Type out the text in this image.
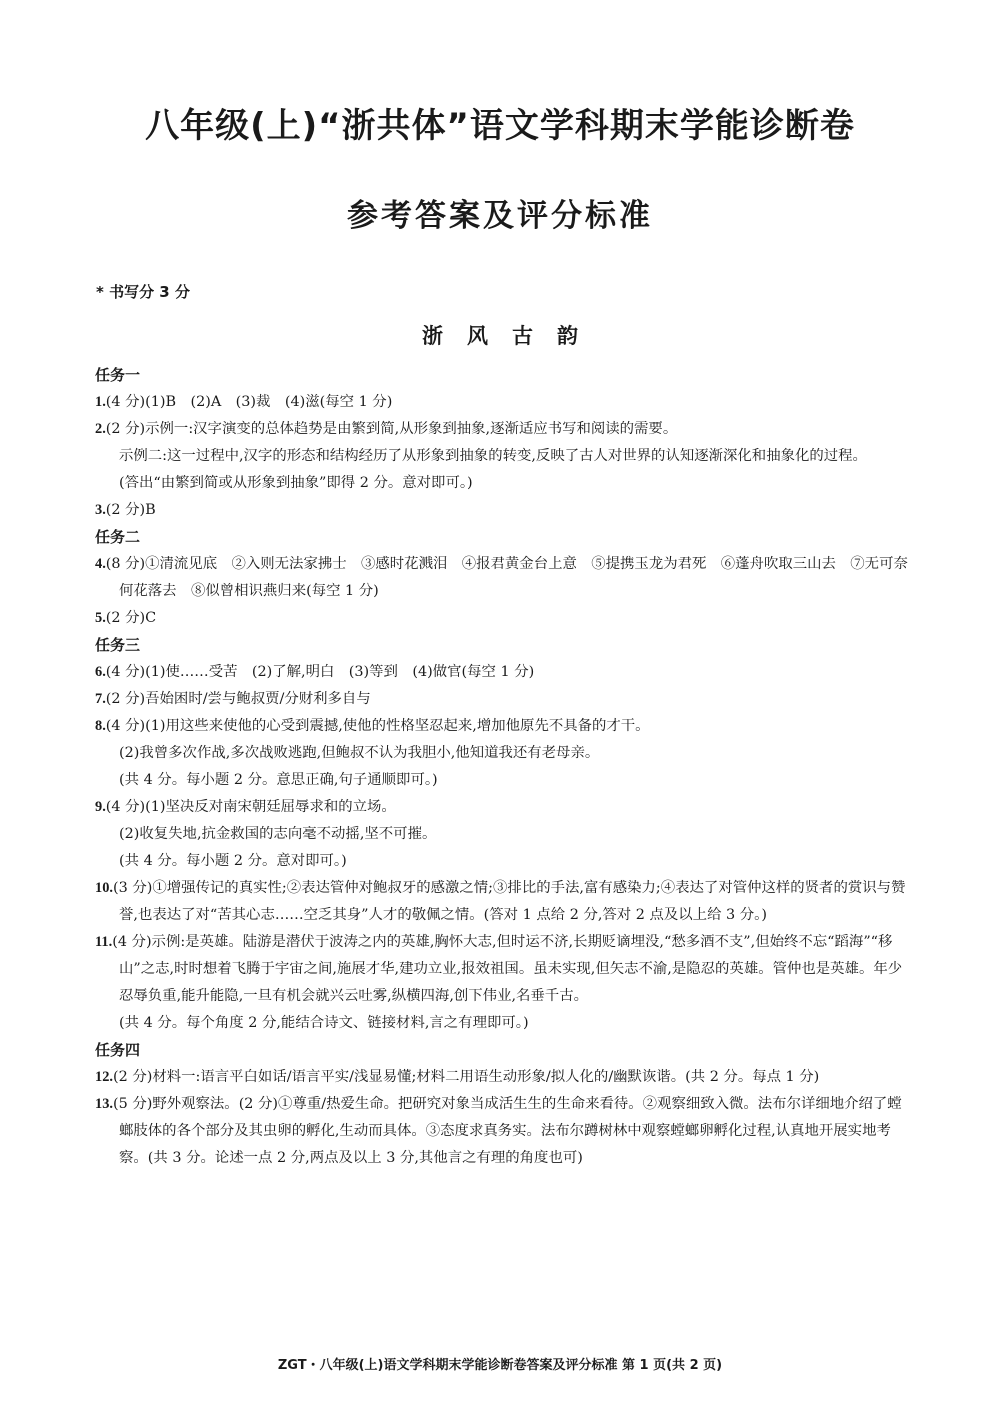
八年级(上)“浙共体”语文学科期末学能诊断卷
参考答案及评分标准
* 书写分 3 分
浙 风 古 韵
任务一
1.(4 分)(1)B　(2)A　(3)裁　(4)滋(每空 1 分)
2.(2 分)示例一:汉字演变的总体趋势是由繁到简,从形象到抽象,逐渐适应书写和阅读的需要。
示例二:这一过程中,汉字的形态和结构经历了从形象到抽象的转变,反映了古人对世界的认知逐渐深化和抽象化的过程。
(答出“由繁到简或从形象到抽象”即得 2 分。意对即可。)
3.(2 分)B
任务二
4.(8 分)①清流见底　②入则无法家拂士　③感时花溅泪　④报君黄金台上意　⑤提携玉龙为君死　⑥蓬舟吹取三山去　⑦无可奈何花落去　⑧似曾相识燕归来(每空 1 分)
5.(2 分)C
任务三
6.(4 分)(1)使……受苦　(2)了解,明白　(3)等到　(4)做官(每空 1 分)
7.(2 分)吾始困时/尝与鲍叔贾/分财利多自与
8.(4 分)(1)用这些来使他的心受到震撼,使他的性格坚忍起来,增加他原先不具备的才干。
(2)我曾多次作战,多次战败逃跑,但鲍叔不认为我胆小,他知道我还有老母亲。
(共 4 分。每小题 2 分。意思正确,句子通顺即可。)
9.(4 分)(1)坚决反对南宋朝廷屈辱求和的立场。
(2)收复失地,抗金救国的志向毫不动摇,坚不可摧。
(共 4 分。每小题 2 分。意对即可。)
10.(3 分)①增强传记的真实性;②表达管仲对鲍叔牙的感激之情;③排比的手法,富有感染力;④表达了对管仲这样的贤者的赏识与赞誉,也表达了对“苦其心志……空乏其身”人才的敬佩之情。(答对 1 点给 2 分,答对 2 点及以上给 3 分。)
11.(4 分)示例:是英雄。陆游是潜伏于波涛之内的英雄,胸怀大志,但时运不济,长期贬谪埋没,“愁多酒不支”,但始终不忘“蹈海”“移山”之志,时时想着飞腾于宇宙之间,施展才华,建功立业,报效祖国。虽未实现,但矢志不渝,是隐忍的英雄。管仲也是英雄。年少忍辱负重,能升能隐,一旦有机会就兴云吐雾,纵横四海,创下伟业,名垂千古。
(共 4 分。每个角度 2 分,能结合诗文、链接材料,言之有理即可。)
任务四
12.(2 分)材料一:语言平白如话/语言平实/浅显易懂;材料二用语生动形象/拟人化的/幽默诙谐。(共 2 分。每点 1 分)
13.(5 分)野外观察法。(2 分)①尊重/热爱生命。把研究对象当成活生生的生命来看待。②观察细致入微。法布尔详细地介绍了螳螂肢体的各个部分及其虫卵的孵化,生动而具体。③态度求真务实。法布尔蹲树林中观察螳螂卵孵化过程,认真地开展实地考察。(共 3 分。论述一点 2 分,两点及以上 3 分,其他言之有理的角度也可)
ZGT・八年级(上)语文学科期末学能诊断卷答案及评分标准 第 1 页(共 2 页)
